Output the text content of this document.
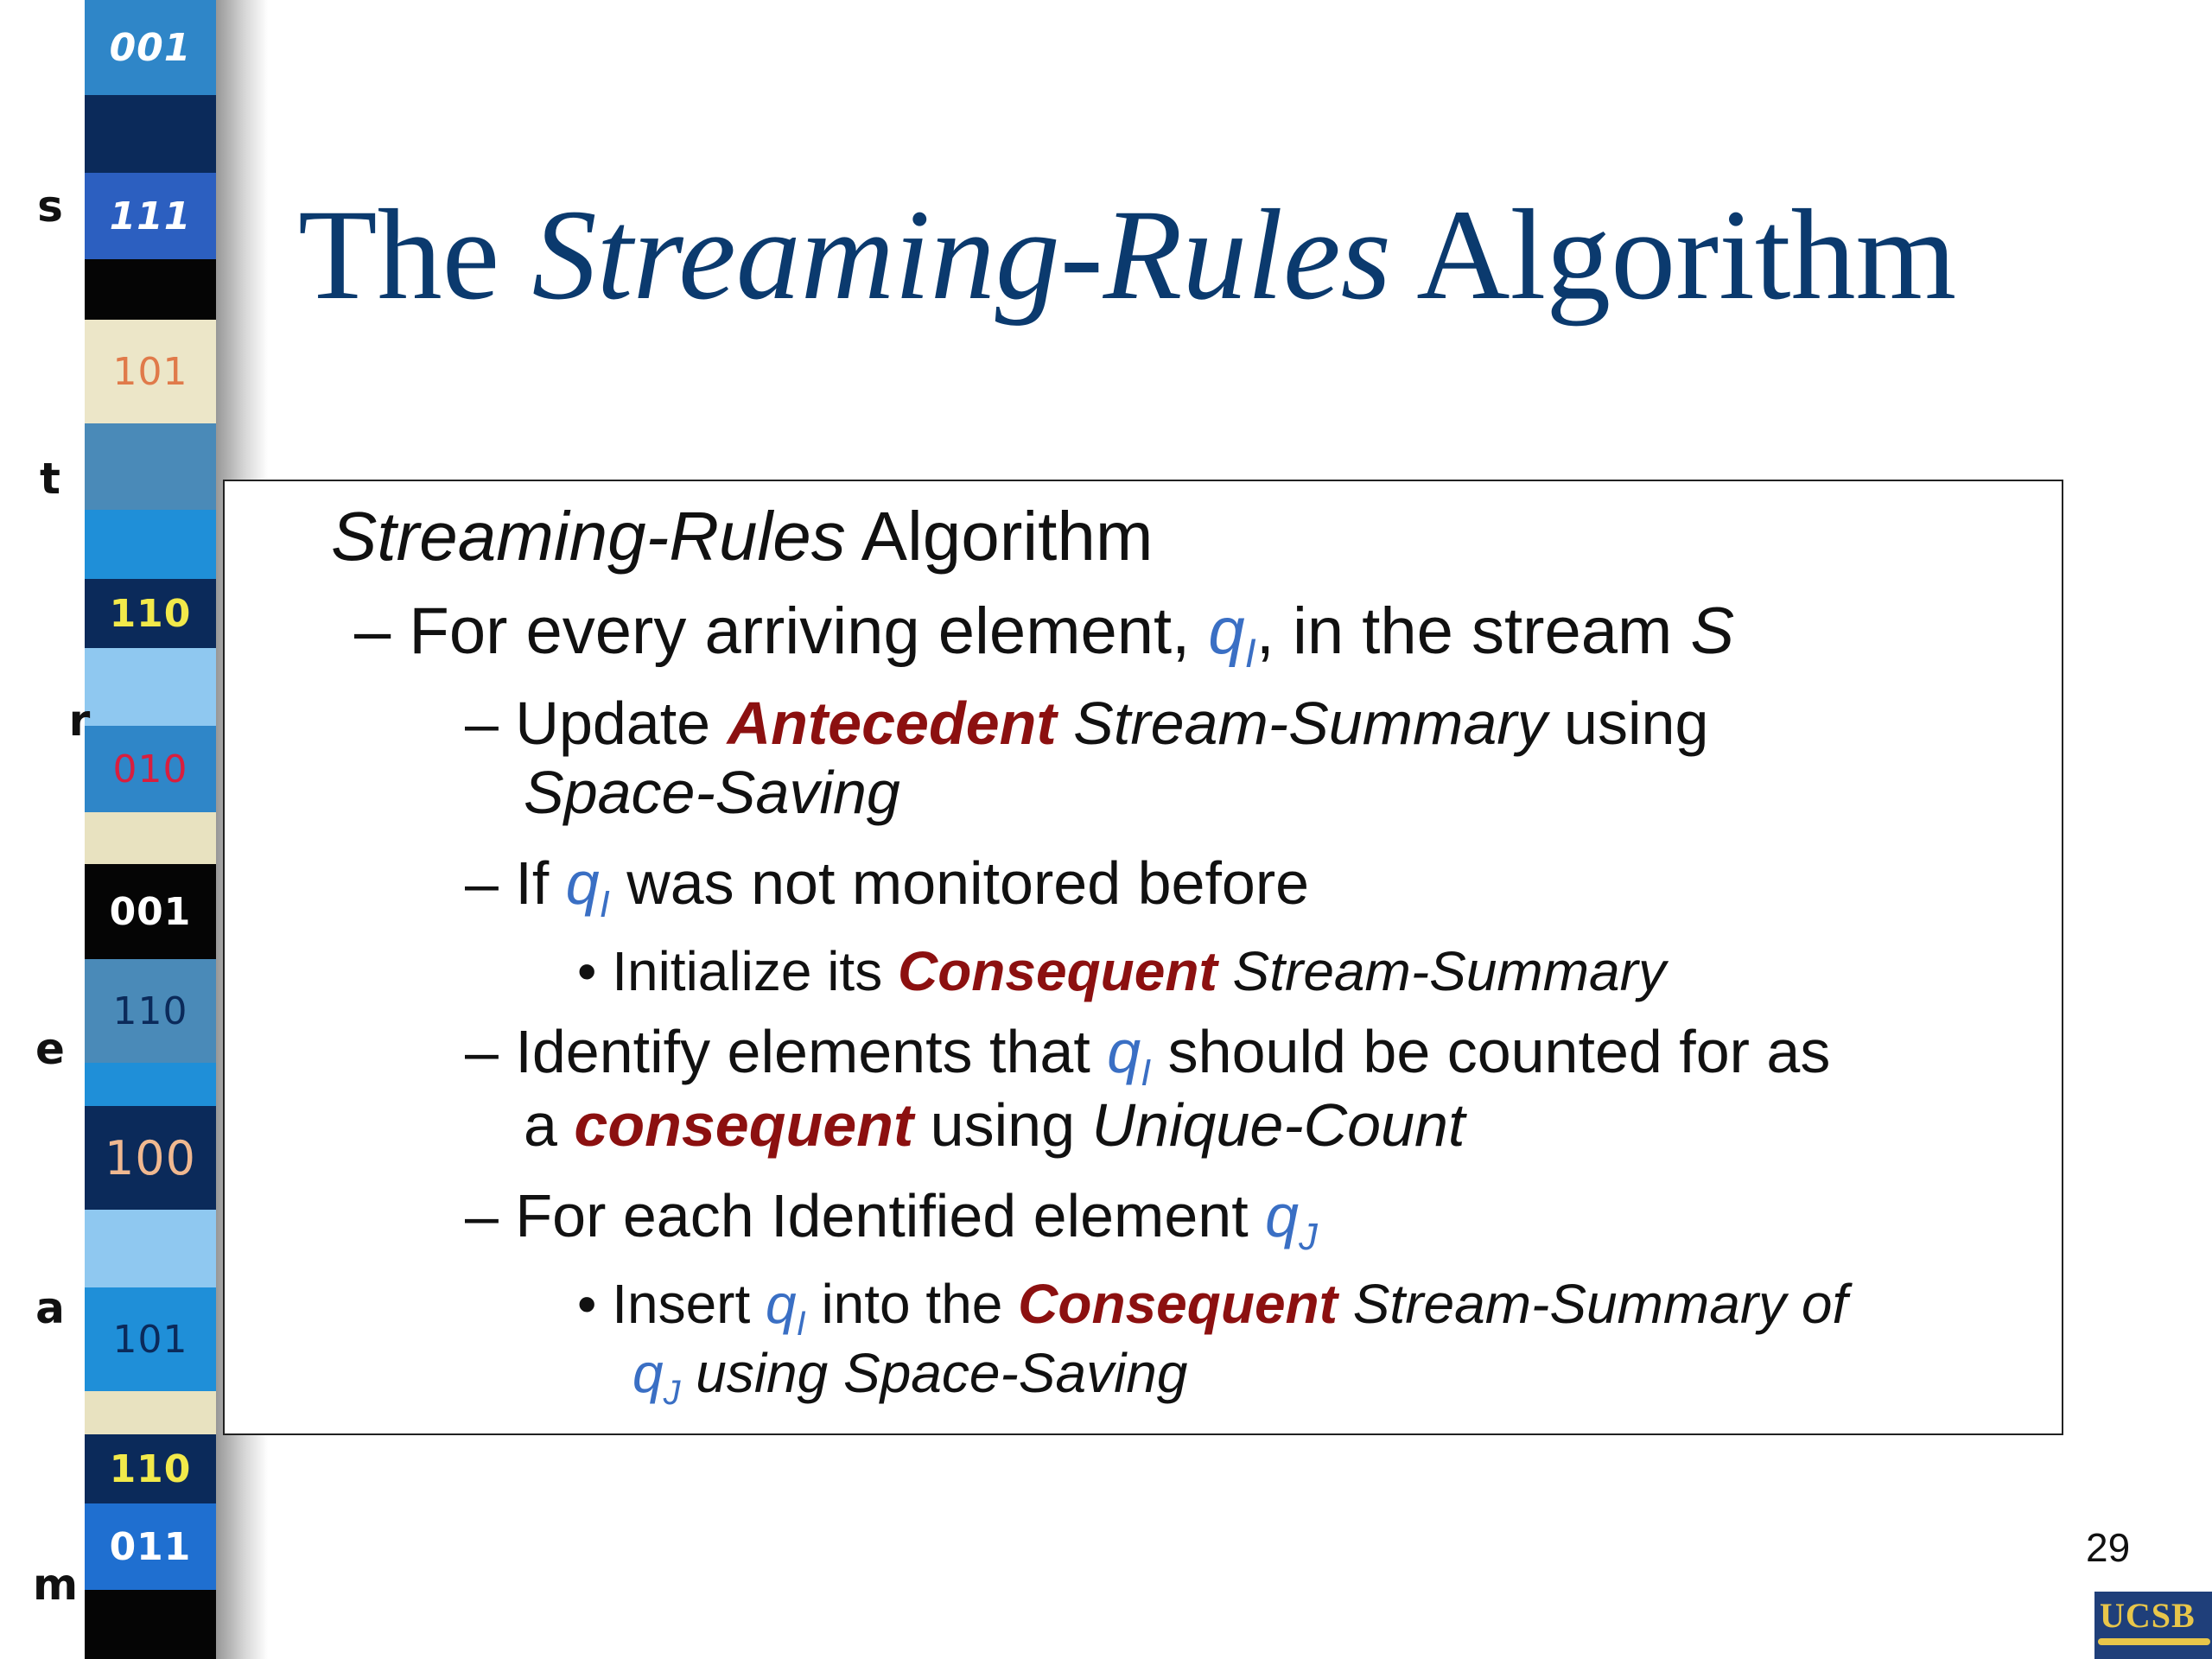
001
111
101
110
010
001
110
100
101
110
011
s
t
r
e
a
m
The Streaming-Rules Algorithm
Streaming-Rules Algorithm
– For every arriving element, $q_I$, in the stream S
– Update Antecedent Stream-Summary using
Space-Saving
– If $q_I$ was not monitored before
• Initialize its Consequent Stream-Summary
– Identify elements that $q_I$ should be counted for as
a consequent using Unique-Count
– For each Identified element $q_J$
• Insert $q_I$ into the Consequent Stream-Summary of
$q_J$ using Space-Saving
29
UCSB
